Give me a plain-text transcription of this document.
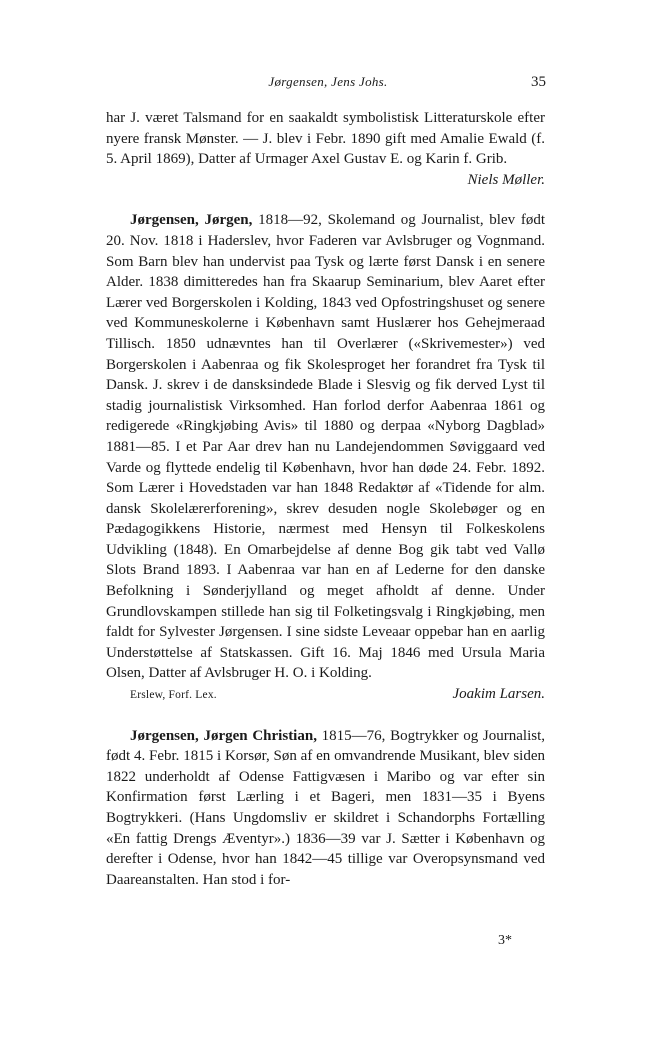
Jørgensen, Jens Johs.	35

har J. været Talsmand for en saakaldt symbolistisk Litteraturskole efter nyere fransk Mønster. — J. blev i Febr. 1890 gift med Amalie Ewald (f. 5. April 1869), Datter af Urmager Axel Gustav E. og Karin f. Grib.

Niels Møller.

Jørgensen, Jørgen, 1818—92, Skolemand og Journalist, blev født 20. Nov. 1818 i Haderslev, hvor Faderen var Avlsbruger og Vognmand. Som Barn blev han undervist paa Tysk og lærte først Dansk i en senere Alder. 1838 dimitteredes han fra Skaarup Seminarium, blev Aaret efter Lærer ved Borgerskolen i Kolding, 1843 ved Opfostringshuset og senere ved Kommuneskolerne i København samt Huslærer hos Gehejmeraad Tillisch. 1850 udnævntes han til Overlærer («Skrivemester») ved Borgerskolen i Aabenraa og fik Skolesproget her forandret fra Tysk til Dansk. J. skrev i de dansksindede Blade i Slesvig og fik derved Lyst til stadig journalistisk Virksomhed. Han forlod derfor Aabenraa 1861 og redigerede «Ringkjøbing Avis» til 1880 og derpaa «Nyborg Dagblad» 1881—85. I et Par Aar drev han nu Landejendommen Søviggaard ved Varde og flyttede endelig til København, hvor han døde 24. Febr. 1892. Som Lærer i Hovedstaden var han 1848 Redaktør af «Tidende for alm. dansk Skolelærerforening», skrev desuden nogle Skolebøger og en Pædagogikkens Historie, nærmest med Hensyn til Folkeskolens Udvikling (1848). En Omarbejdelse af denne Bog gik tabt ved Vallø Slots Brand 1893. I Aabenraa var han en af Lederne for den danske Befolkning i Sønderjylland og meget afholdt af denne. Under Grundlovskampen stillede han sig til Folketingsvalg i Ringkjøbing, men faldt for Sylvester Jørgensen. I sine sidste Leveaar oppebar han en aarlig Understøttelse af Statskassen. Gift 16. Maj 1846 med Ursula Maria Olsen, Datter af Avlsbruger H. O. i Kolding.

Erslew, Forf. Lex.	Joakim Larsen.

Jørgensen, Jørgen Christian, 1815—76, Bogtrykker og Journalist, født 4. Febr. 1815 i Korsør, Søn af en omvandrende Musikant, blev siden 1822 underholdt af Odense Fattigvæsen i Maribo og var efter sin Konfirmation først Lærling i et Bageri, men 1831—35 i Byens Bogtrykkeri. (Hans Ungdomsliv er skildret i Schandorphs Fortælling «En fattig Drengs Æventyr».) 1836—39 var J. Sætter i København og derefter i Odense, hvor han 1842—45 tillige var Overopsynsmand ved Daareanstalten. Han stod i for-

3*
